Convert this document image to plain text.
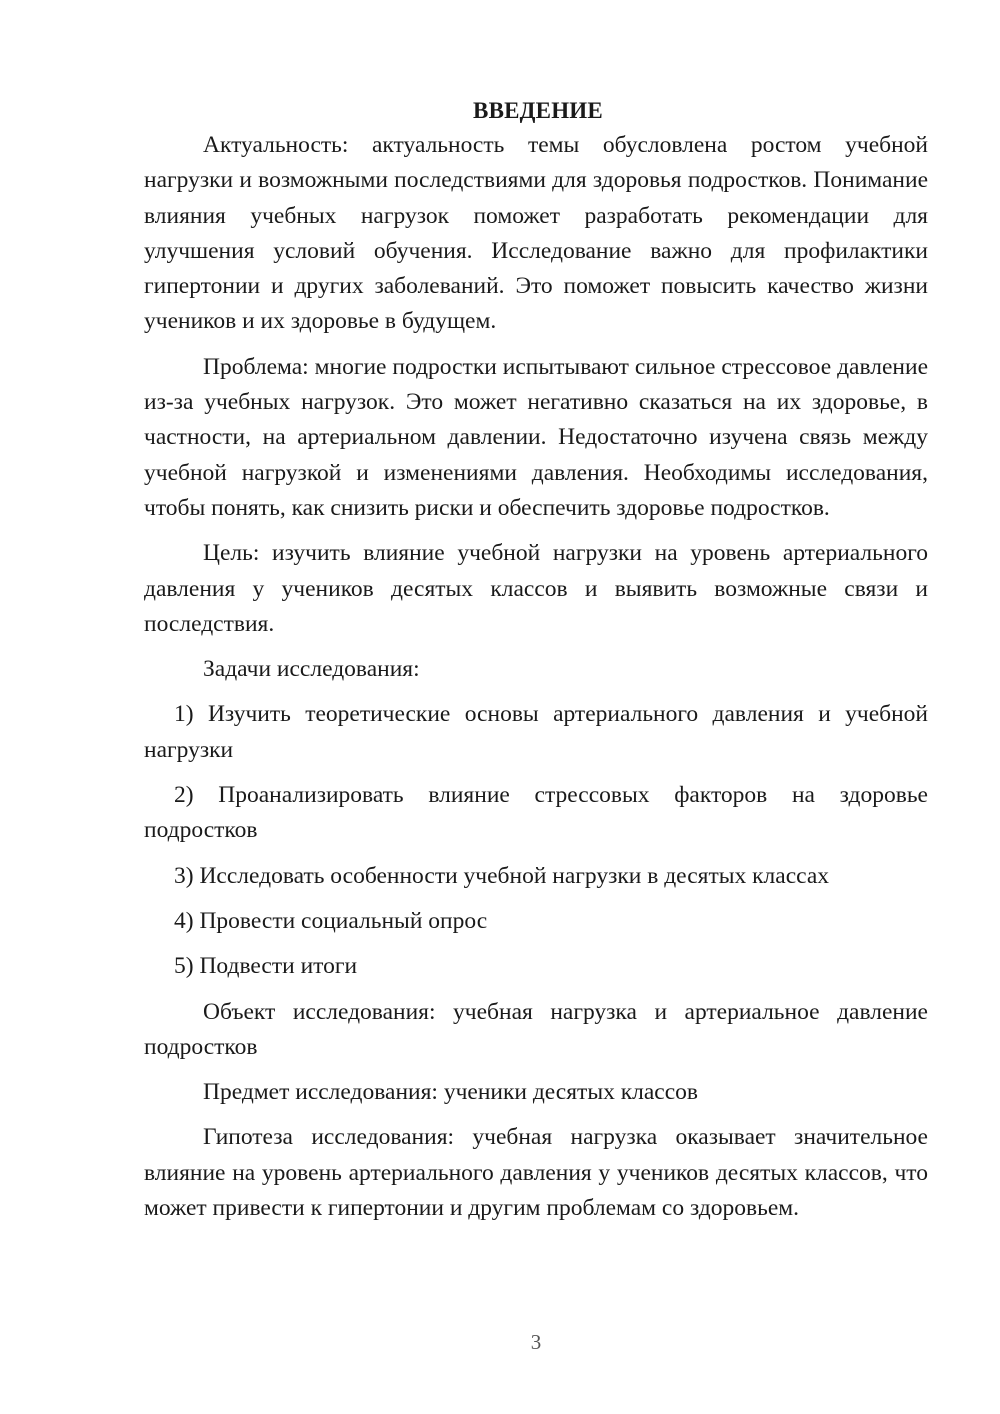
ВВЕДЕНИЕ

Актуальность: актуальность темы обусловлена ростом учебной нагрузки и возможными последствиями для здоровья подростков. Понимание влияния учебных нагрузок поможет разработать рекомендации для улучшения условий обучения. Исследование важно для профилактики гипертонии и других заболеваний. Это поможет повысить качество жизни учеников и их здоровье в будущем.

Проблема: многие подростки испытывают сильное стрессовое давление из-за учебных нагрузок. Это может негативно сказаться на их здоровье, в частности, на артериальном давлении. Недостаточно изучена связь между учебной нагрузкой и изменениями давления. Необходимы исследования, чтобы понять, как снизить риски и обеспечить здоровье подростков.

Цель: изучить влияние учебной нагрузки на уровень артериального давления у учеников десятых классов и выявить возможные связи и последствия.

Задачи исследования:

1) Изучить теоретические основы артериального давления и учебной нагрузки

2) Проанализировать влияние стрессовых факторов на здоровье подростков

3) Исследовать особенности учебной нагрузки в десятых классах

4) Провести социальный опрос

5) Подвести итоги

Объект исследования: учебная нагрузка и артериальное давление подростков

Предмет исследования: ученики десятых классов

Гипотеза исследования: учебная нагрузка оказывает значительное влияние на уровень артериального давления у учеников десятых классов, что может привести к гипертонии и другим проблемам со здоровьем.

3
